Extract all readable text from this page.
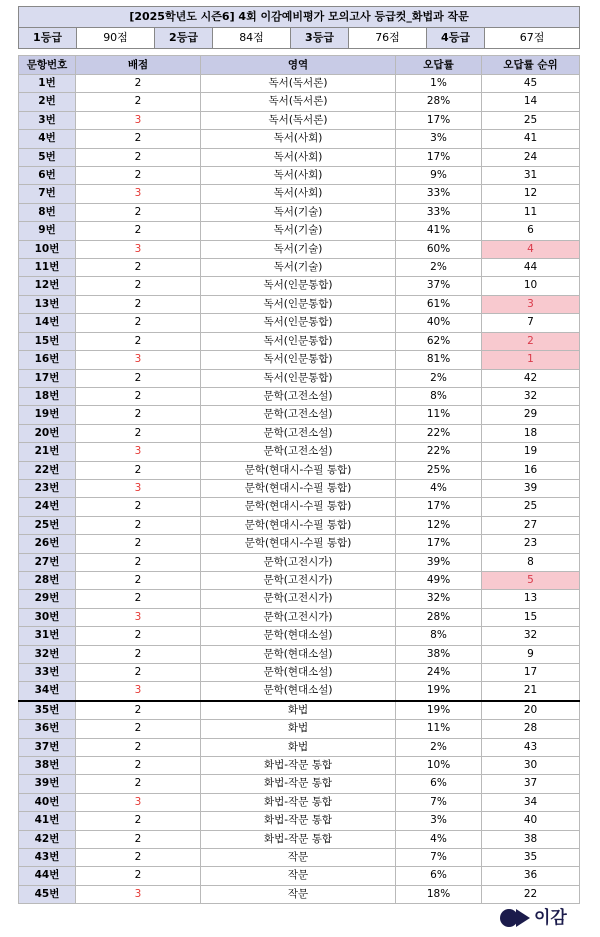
[2025학년도 시즌6] 4회 이감예비평가 모의고사 등급컷_화법과 작문
1등급	90점	2등급	84점	3등급	76점	4등급	67점
문항번호	배점	영역	오답률	오답률 순위
1번	2	독서(독서론)	1%	45
2번	2	독서(독서론)	28%	14
3번	3	독서(독서론)	17%	25
4번	2	독서(사회)	3%	41
5번	2	독서(사회)	17%	24
6번	2	독서(사회)	9%	31
7번	3	독서(사회)	33%	12
8번	2	독서(기술)	33%	11
9번	2	독서(기술)	41%	6
10번	3	독서(기술)	60%	4
11번	2	독서(기술)	2%	44
12번	2	독서(인문통합)	37%	10
13번	2	독서(인문통합)	61%	3
14번	2	독서(인문통합)	40%	7
15번	2	독서(인문통합)	62%	2
16번	3	독서(인문통합)	81%	1
17번	2	독서(인문통합)	2%	42
18번	2	문학(고전소설)	8%	32
19번	2	문학(고전소설)	11%	29
20번	2	문학(고전소설)	22%	18
21번	3	문학(고전소설)	22%	19
22번	2	문학(현대시-수필 통합)	25%	16
23번	3	문학(현대시-수필 통합)	4%	39
24번	2	문학(현대시-수필 통합)	17%	25
25번	2	문학(현대시-수필 통합)	12%	27
26번	2	문학(현대시-수필 통합)	17%	23
27번	2	문학(고전시가)	39%	8
28번	2	문학(고전시가)	49%	5
29번	2	문학(고전시가)	32%	13
30번	3	문학(고전시가)	28%	15
31번	2	문학(현대소설)	8%	32
32번	2	문학(현대소설)	38%	9
33번	2	문학(현대소설)	24%	17
34번	3	문학(현대소설)	19%	21
35번	2	화법	19%	20
36번	2	화법	11%	28
37번	2	화법	2%	43
38번	2	화법-작문 통합	10%	30
39번	2	화법-작문 통합	6%	37
40번	3	화법-작문 통합	7%	34
41번	2	화법-작문 통합	3%	40
42번	2	화법-작문 통합	4%	38
43번	2	작문	7%	35
44번	2	작문	6%	36
45번	3	작문	18%	22
이감
